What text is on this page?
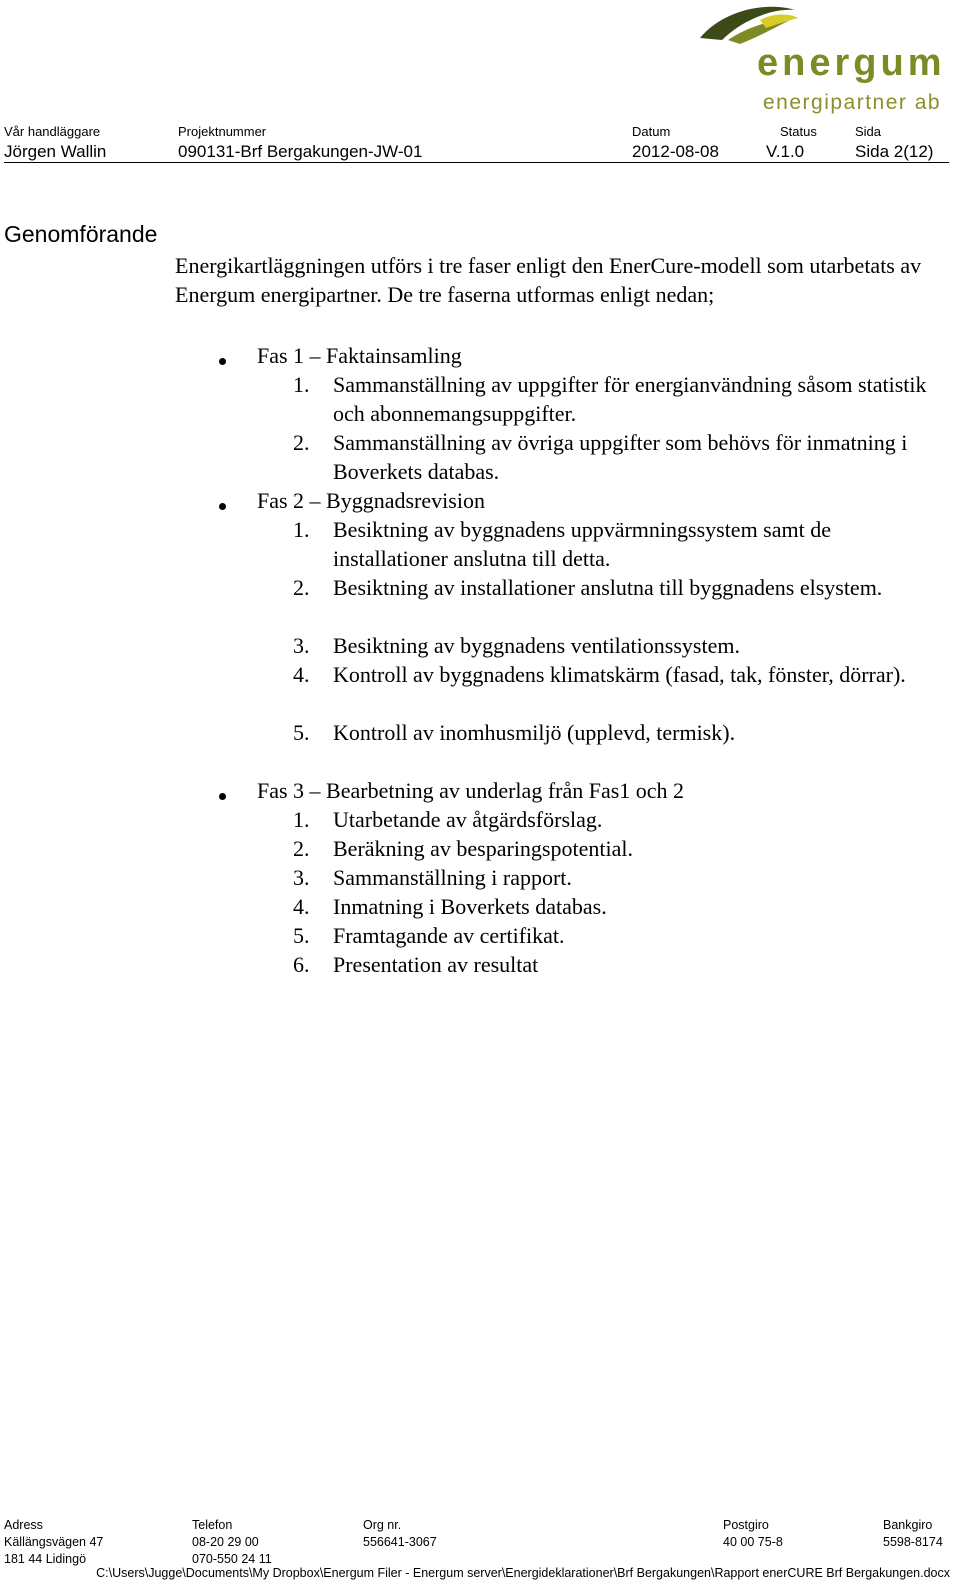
energum
energipartner ab
Vår handläggare
Jörgen Wallin
Projektnummer
090131-Brf Bergakungen-JW-01
Datum
2012-08-08
Status
V.1.0
Sida
Sida 2(12)
Genomförande

Energikartläggningen utförs i tre faser enligt den EnerCure-modell som utarbetats av Energum energipartner. De tre faserna utformas enligt nedan;

Fas 1 – Faktainsamling
1. Sammanställning av uppgifter för energianvändning såsom statistik och abonnemangsuppgifter.
2. Sammanställning av övriga uppgifter som behövs för inmatning i Boverkets databas.
Fas 2 – Byggnadsrevision
1. Besiktning av byggnadens uppvärmningssystem samt de installationer anslutna till detta.
2. Besiktning av installationer anslutna till byggnadens elsystem.
3. Besiktning av byggnadens ventilationssystem.
4. Kontroll av byggnadens klimatskärm (fasad, tak, fönster, dörrar).
5. Kontroll av inomhusmiljö (upplevd, termisk).
Fas 3 – Bearbetning av underlag från Fas1 och 2
1. Utarbetande av åtgärdsförslag.
2. Beräkning av besparingspotential.
3. Sammanställning i rapport.
4. Inmatning i Boverkets databas.
5. Framtagande av certifikat.
6. Presentation av resultat
Adress
Källängsvägen 47
181 44 Lidingö
Telefon
08-20 29 00
070-550 24 11
Org nr.
556641-3067
Postgiro
40 00 75-8
Bankgiro
5598-8174
C:\Users\Jugge\Documents\My Dropbox\Energum Filer - Energum server\Energideklarationer\Brf Bergakungen\Rapport enerCURE Brf Bergakungen.docx
